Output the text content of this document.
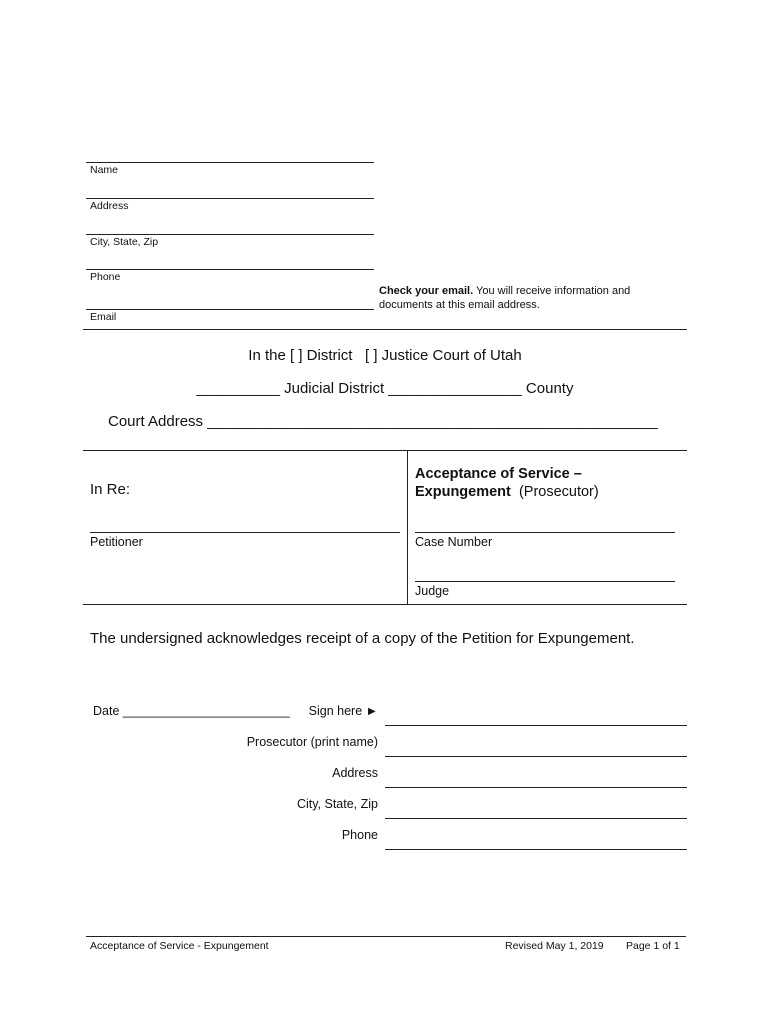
Name
Address
City, State, Zip
Phone
Email
Check your email. You will receive information and documents at this email address.
In the [ ] District   [ ] Justice Court of Utah
__________ Judicial District ________________ County
Court Address ______________________________________________________
In Re:
Acceptance of Service –
Expungement (Prosecutor)
Petitioner	Case Number
Judge
The undersigned acknowledges receipt of a copy of the Petition for Expungement.
Date ________________________	Sign here ►
Prosecutor (print name)
Address
City, State, Zip
Phone
Acceptance of Service - Expungement	Revised May 1, 2019 Page 1 of 1
